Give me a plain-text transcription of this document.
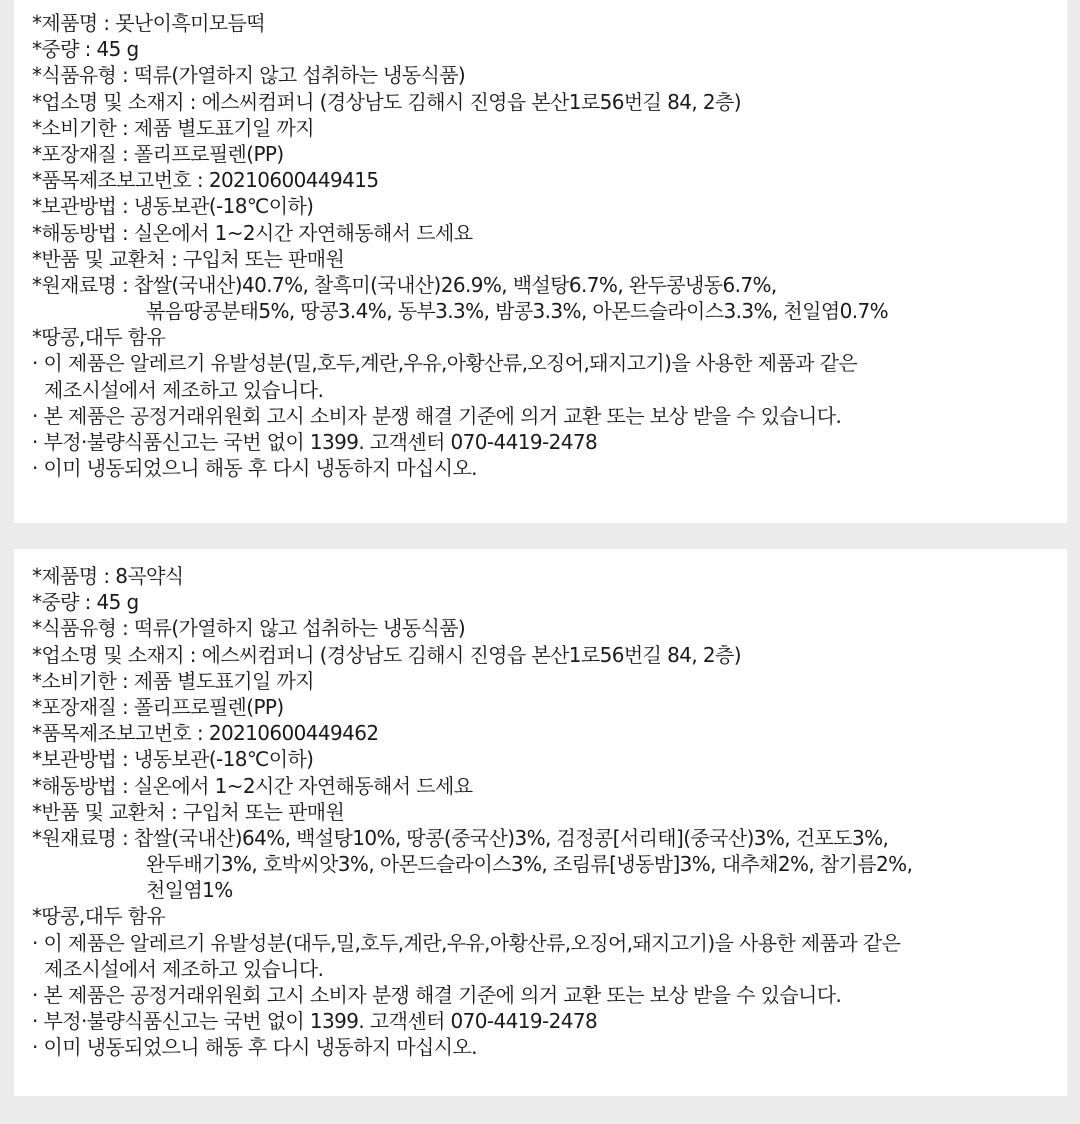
*제품명 : 못난이흑미모듬떡
*중량 : 45 g
*식품유형 : 떡류(가열하지 않고 섭취하는 냉동식품)
*업소명 및 소재지 : 에스씨컴퍼니 (경상남도 김해시 진영읍 본산1로56번길 84, 2층)
*소비기한 : 제품 별도표기일 까지
*포장재질 : 폴리프로필렌(PP)
*품목제조보고번호 : 20210600449415
*보관방법 : 냉동보관(-18℃이하)
*해동방법 : 실온에서 1~2시간 자연해동해서 드세요
*반품 및 교환처 : 구입처 또는 판매원
*원재료명 : 찹쌀(국내산)40.7%, 찰흑미(국내산)26.9%, 백설탕6.7%, 완두콩냉동6.7%,
볶음땅콩분태5%, 땅콩3.4%, 동부3.3%, 밤콩3.3%, 아몬드슬라이스3.3%, 천일염0.7%
*땅콩,대두 함유
· 이 제품은 알레르기 유발성분(밀,호두,계란,우유,아황산류,오징어,돼지고기)을 사용한 제품과 같은
제조시설에서 제조하고 있습니다.
· 본 제품은 공정거래위원회 고시 소비자 분쟁 해결 기준에 의거 교환 또는 보상 받을 수 있습니다.
· 부정·불량식품신고는 국번 없이 1399. 고객센터 070-4419-2478
· 이미 냉동되었으니 해동 후 다시 냉동하지 마십시오.
*제품명 : 8곡약식
*중량 : 45 g
*식품유형 : 떡류(가열하지 않고 섭취하는 냉동식품)
*업소명 및 소재지 : 에스씨컴퍼니 (경상남도 김해시 진영읍 본산1로56번길 84, 2층)
*소비기한 : 제품 별도표기일 까지
*포장재질 : 폴리프로필렌(PP)
*품목제조보고번호 : 20210600449462
*보관방법 : 냉동보관(-18℃이하)
*해동방법 : 실온에서 1~2시간 자연해동해서 드세요
*반품 및 교환처 : 구입처 또는 판매원
*원재료명 : 찹쌀(국내산)64%, 백설탕10%, 땅콩(중국산)3%, 검정콩[서리태](중국산)3%, 건포도3%,
완두배기3%, 호박씨앗3%, 아몬드슬라이스3%, 조림류[냉동밤]3%, 대추채2%, 참기름2%,
천일염1%
*땅콩,대두 함유
· 이 제품은 알레르기 유발성분(대두,밀,호두,계란,우유,아황산류,오징어,돼지고기)을 사용한 제품과 같은
제조시설에서 제조하고 있습니다.
· 본 제품은 공정거래위원회 고시 소비자 분쟁 해결 기준에 의거 교환 또는 보상 받을 수 있습니다.
· 부정·불량식품신고는 국번 없이 1399. 고객센터 070-4419-2478
· 이미 냉동되었으니 해동 후 다시 냉동하지 마십시오.
